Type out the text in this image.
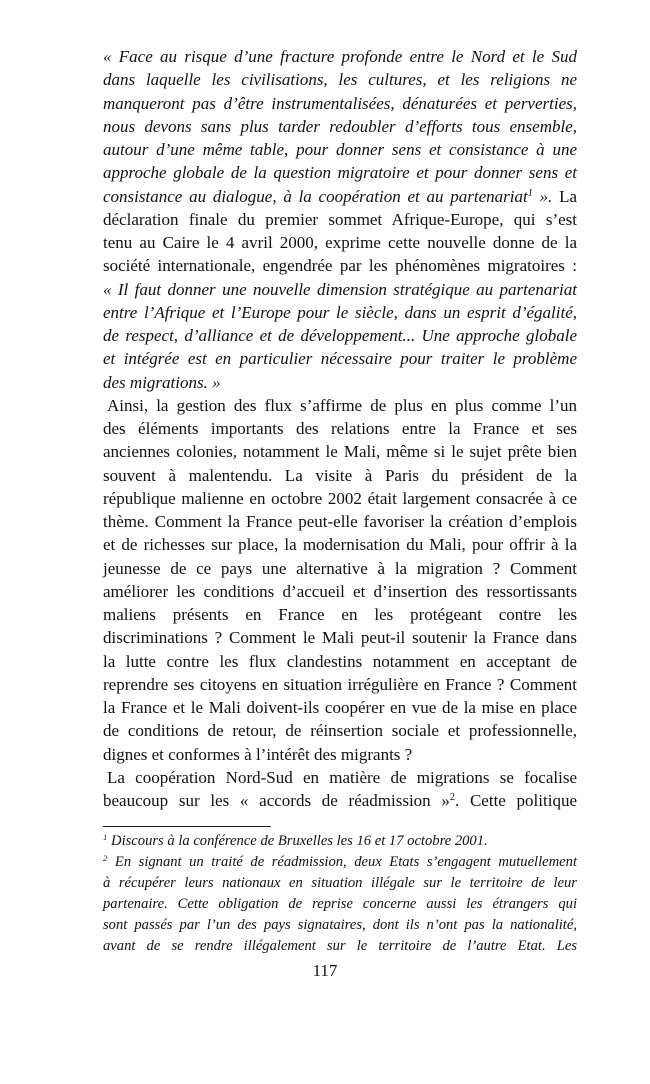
« Face au risque d’une fracture profonde entre le Nord et le Sud
dans laquelle les civilisations, les cultures, et les religions ne
manqueront pas d’être instrumentalisées, dénaturées et perverties,
nous devons sans plus tarder redoubler d’efforts tous ensemble,
autour d’une même table, pour donner sens et consistance à une
approche globale de la question migratoire et pour donner sens et
consistance au dialogue, à la coopération et au partenariat$^1$ ». La
déclaration finale du premier sommet Afrique-Europe, qui s’est
tenu au Caire le 4 avril 2000, exprime cette nouvelle donne de la
société internationale, engendrée par les phénomènes migratoires :
« Il faut donner une nouvelle dimension stratégique au partenariat
entre l’Afrique et l’Europe pour le siècle, dans un esprit d’égalité,
de respect, d’alliance et de développement... Une approche globale
et intégrée est en particulier nécessaire pour traiter le problème
des migrations. »
Ainsi, la gestion des flux s’affirme de plus en plus comme l’un
des éléments importants des relations entre la France et ses
anciennes colonies, notamment le Mali, même si le sujet prête bien
souvent à malentendu. La visite à Paris du président de la
république malienne en octobre 2002 était largement consacrée à ce
thème. Comment la France peut-elle favoriser la création d’emplois
et de richesses sur place, la modernisation du Mali, pour offrir à la
jeunesse de ce pays une alternative à la migration ? Comment
améliorer les conditions d’accueil et d’insertion des ressortissants
maliens présents en France en les protégeant contre les
discriminations ? Comment le Mali peut-il soutenir la France dans
la lutte contre les flux clandestins notamment en acceptant de
reprendre ses citoyens en situation irrégulière en France ? Comment
la France et le Mali doivent-ils coopérer en vue de la mise en place
de conditions de retour, de réinsertion sociale et professionnelle,
dignes et conformes à l’intérêt des migrants ?
La coopération Nord-Sud en matière de migrations se focalise
beaucoup sur les « accords de réadmission »$^2$. Cette politique
$^1$ Discours à la conférence de Bruxelles les 16 et 17 octobre 2001.
$^2$ En signant un traité de réadmission, deux Etats s’engagent mutuellement
à récupérer leurs nationaux en situation illégale sur le territoire de leur
partenaire. Cette obligation de reprise concerne aussi les étrangers qui
sont passés par l’un des pays signataires, dont ils n’ont pas la nationalité,
avant de se rendre illégalement sur le territoire de l’autre Etat. Les
117
